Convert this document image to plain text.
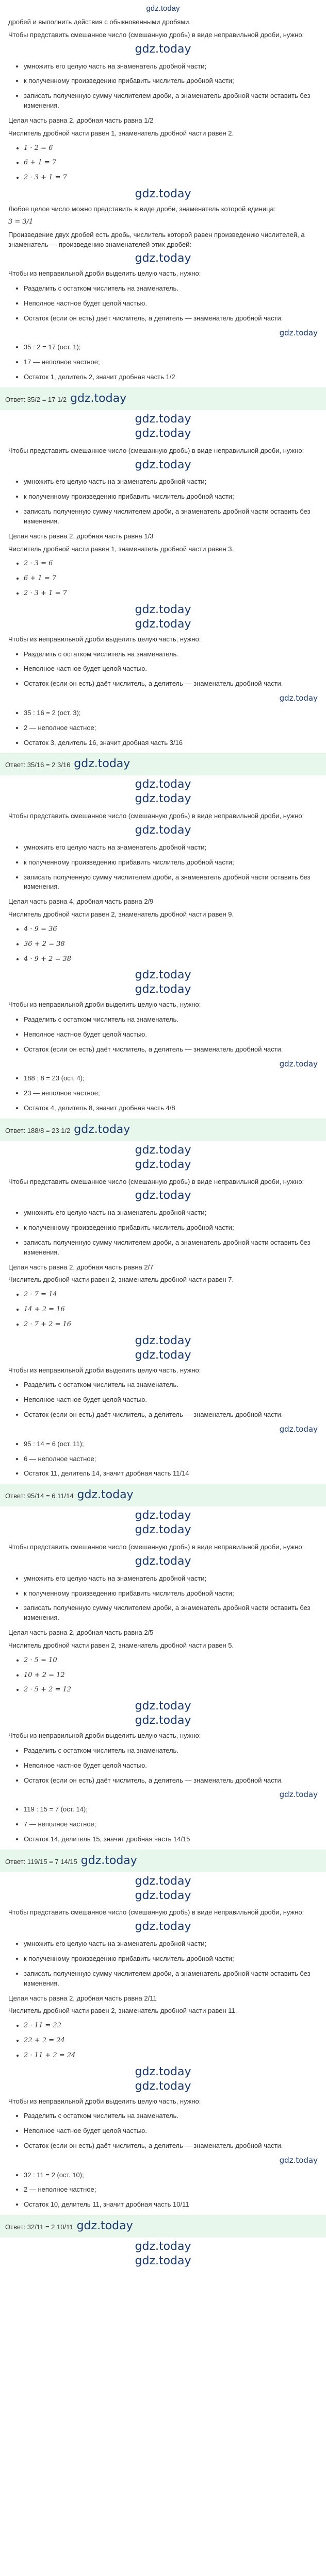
gdz.today

дробей и выполнить действия с обыкновенными дробями.

Чтобы представить смешанное число (смешанную дробь) в виде неправильной дроби, нужно:

gdz.today
• умножить его целую часть на знаменатель дробной части;
• к полученному произведению прибавить числитель дробной части;
• записать полученную сумму числителем дроби, а знаменатель дробной части оставить без изменения.

Целая часть равна 2, дробная часть равна 1/2

Числитель дробной части равен 1, знаменатель дробной части равен 2.

• 1 · 2 = 6
• 6 + 1 = 7
• 2 · 3 + 1 = 7
gdz.today

Любое целое число можно представить в виде дроби, знаменатель которой единица:

3 = 3/1

Произведение двух дробей есть дробь, числитель которой равен произведению числителей, а знаменатель — произведению знаменателей этих дробей:

gdz.today

Чтобы из неправильной дроби выделить целую часть, нужно:

• Разделить с остатком числитель на знаменатель.
• Неполное частное будет целой частью.
• Остаток (если он есть) даёт числитель, а делитель — знаменатель дробной части.
gdz.today
• 35 : 2 = 17 (ост. 1);
• 17 — неполное частное;
• Остаток 1, делитель 2, значит дробная часть 1/2
Ответ: 35/2 = 17 1/2 gdz.today
gdz.today
gdz.today

Чтобы представить смешанное число (смешанную дробь) в виде неправильной дроби, нужно:

gdz.today
• умножить его целую часть на знаменатель дробной части;
• к полученному произведению прибавить числитель дробной части;
• записать полученную сумму числителем дроби, а знаменатель дробной части оставить без изменения.

Целая часть равна 2, дробная часть равна 1/3

Числитель дробной части равен 1, знаменатель дробной части равен 3.

• 2 · 3 = 6
• 6 + 1 = 7
• 2 · 3 + 1 = 7
gdz.today
gdz.today

Чтобы из неправильной дроби выделить целую часть, нужно:

• Разделить с остатком числитель на знаменатель.
• Неполное частное будет целой частью.
• Остаток (если он есть) даёт числитель, а делитель — знаменатель дробной части.
gdz.today
• 35 : 16 = 2 (ост. 3);
• 2 — неполное частное;
• Остаток 3, делитель 16, значит дробная часть 3/16
Ответ: 35/16 = 2 3/16 gdz.today
gdz.today
gdz.today

Чтобы представить смешанное число (смешанную дробь) в виде неправильной дроби, нужно:

gdz.today
• умножить его целую часть на знаменатель дробной части;
• к полученному произведению прибавить числитель дробной части;
• записать полученную сумму числителем дроби, а знаменатель дробной части оставить без изменения.

Целая часть равна 4, дробная часть равна 2/9

Числитель дробной части равен 2, знаменатель дробной части равен 9.

• 4 · 9 = 36
• 36 + 2 = 38
• 4 · 9 + 2 = 38
gdz.today
gdz.today

Чтобы из неправильной дроби выделить целую часть, нужно:

• Разделить с остатком числитель на знаменатель.
• Неполное частное будет целой частью.
• Остаток (если он есть) даёт числитель, а делитель — знаменатель дробной части.
gdz.today
• 188 : 8 = 23 (ост. 4);
• 23 — неполное частное;
• Остаток 4, делитель 8, значит дробная часть 4/8
Ответ: 188/8 = 23 1/2 gdz.today
gdz.today
gdz.today

Чтобы представить смешанное число (смешанную дробь) в виде неправильной дроби, нужно:

gdz.today
• умножить его целую часть на знаменатель дробной части;
• к полученному произведению прибавить числитель дробной части;
• записать полученную сумму числителем дроби, а знаменатель дробной части оставить без изменения.

Целая часть равна 2, дробная часть равна 2/7

Числитель дробной части равен 2, знаменатель дробной части равен 7.

• 2 · 7 = 14
• 14 + 2 = 16
• 2 · 7 + 2 = 16
gdz.today
gdz.today

Чтобы из неправильной дроби выделить целую часть, нужно:

• Разделить с остатком числитель на знаменатель.
• Неполное частное будет целой частью.
• Остаток (если он есть) даёт числитель, а делитель — знаменатель дробной части.
gdz.today
• 95 : 14 = 6 (ост. 11);
• 6 — неполное частное;
• Остаток 11, делитель 14, значит дробная часть 11/14
Ответ: 95/14 = 6 11/14 gdz.today
gdz.today
gdz.today

Чтобы представить смешанное число (смешанную дробь) в виде неправильной дроби, нужно:

gdz.today
• умножить его целую часть на знаменатель дробной части;
• к полученному произведению прибавить числитель дробной части;
• записать полученную сумму числителем дроби, а знаменатель дробной части оставить без изменения.

Целая часть равна 2, дробная часть равна 2/5

Числитель дробной части равен 2, знаменатель дробной части равен 5.

• 2 · 5 = 10
• 10 + 2 = 12
• 2 · 5 + 2 = 12
gdz.today
gdz.today

Чтобы из неправильной дроби выделить целую часть, нужно:

• Разделить с остатком числитель на знаменатель.
• Неполное частное будет целой частью.
• Остаток (если он есть) даёт числитель, а делитель — знаменатель дробной части.
gdz.today
• 119 : 15 = 7 (ост. 14);
• 7 — неполное частное;
• Остаток 14, делитель 15, значит дробная часть 14/15
Ответ: 119/15 = 7 14/15 gdz.today
gdz.today
gdz.today

Чтобы представить смешанное число (смешанную дробь) в виде неправильной дроби, нужно:

gdz.today
• умножить его целую часть на знаменатель дробной части;
• к полученному произведению прибавить числитель дробной части;
• записать полученную сумму числителем дроби, а знаменатель дробной части оставить без изменения.

Целая часть равна 2, дробная часть равна 2/11

Числитель дробной части равен 2, знаменатель дробной части равен 11.

• 2 · 11 = 22
• 22 + 2 = 24
• 2 · 11 + 2 = 24
gdz.today
gdz.today

Чтобы из неправильной дроби выделить целую часть, нужно:

• Разделить с остатком числитель на знаменатель.
• Неполное частное будет целой частью.
• Остаток (если он есть) даёт числитель, а делитель — знаменатель дробной части.
gdz.today
• 32 : 11 = 2 (ост. 10);
• 2 — неполное частное;
• Остаток 10, делитель 11, значит дробная часть 10/11
Ответ: 32/11 = 2 10/11 gdz.today
gdz.today
gdz.today
